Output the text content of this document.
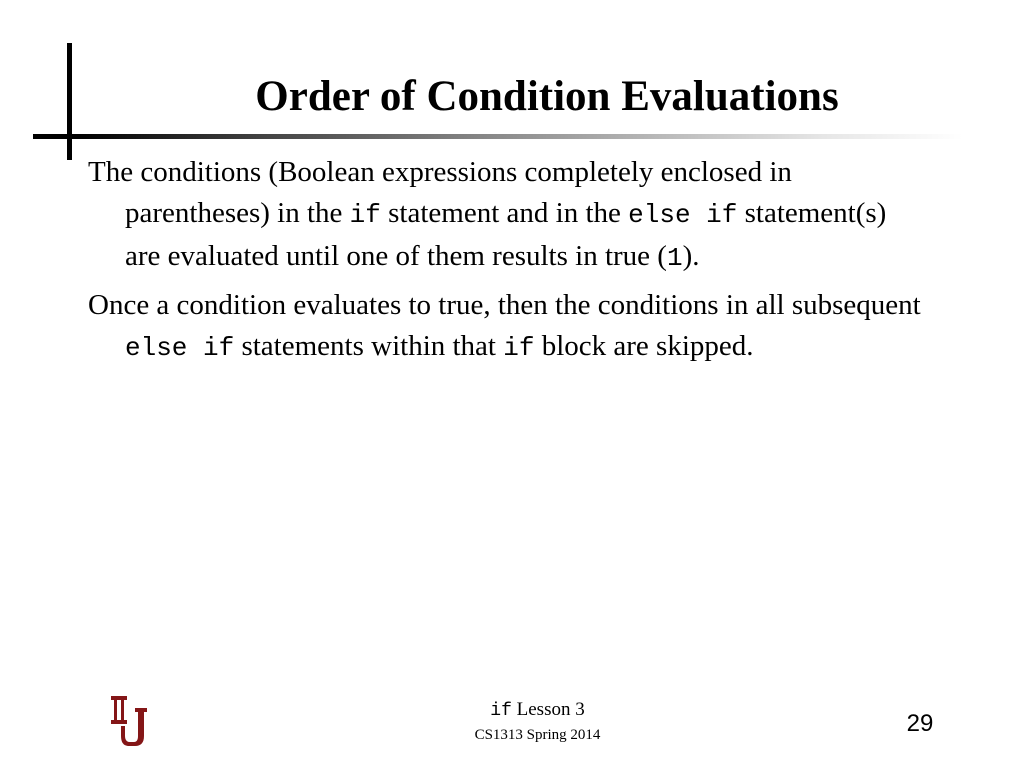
Order of Condition Evaluations

The conditions (Boolean expressions completely enclosed in parentheses) in the if statement and in the else if statement(s) are evaluated until one of them results in true (1).

Once a condition evaluates to true, then the conditions in all subsequent else if statements within that if block are skipped.

if Lesson 3
CS1313 Spring 2014	29
